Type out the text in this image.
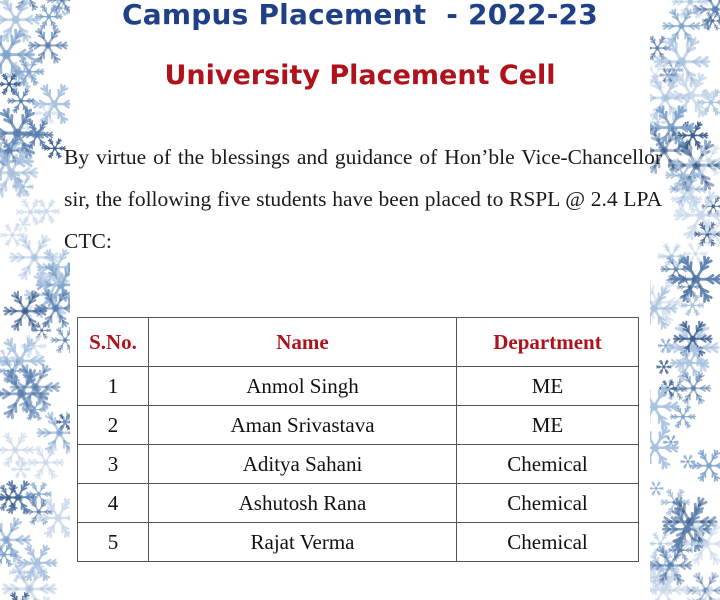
Campus Placement  - 2022-23
University Placement Cell
By virtue of the blessings and guidance of Hon’ble Vice-Chancellor sir, the following five students have been placed to RSPL @ 2.4 LPA CTC:
S.No.	Name	Department
1	Anmol Singh	ME
2	Aman Srivastava	ME
3	Aditya Sahani	Chemical
4	Ashutosh Rana	Chemical
5	Rajat Verma	Chemical
